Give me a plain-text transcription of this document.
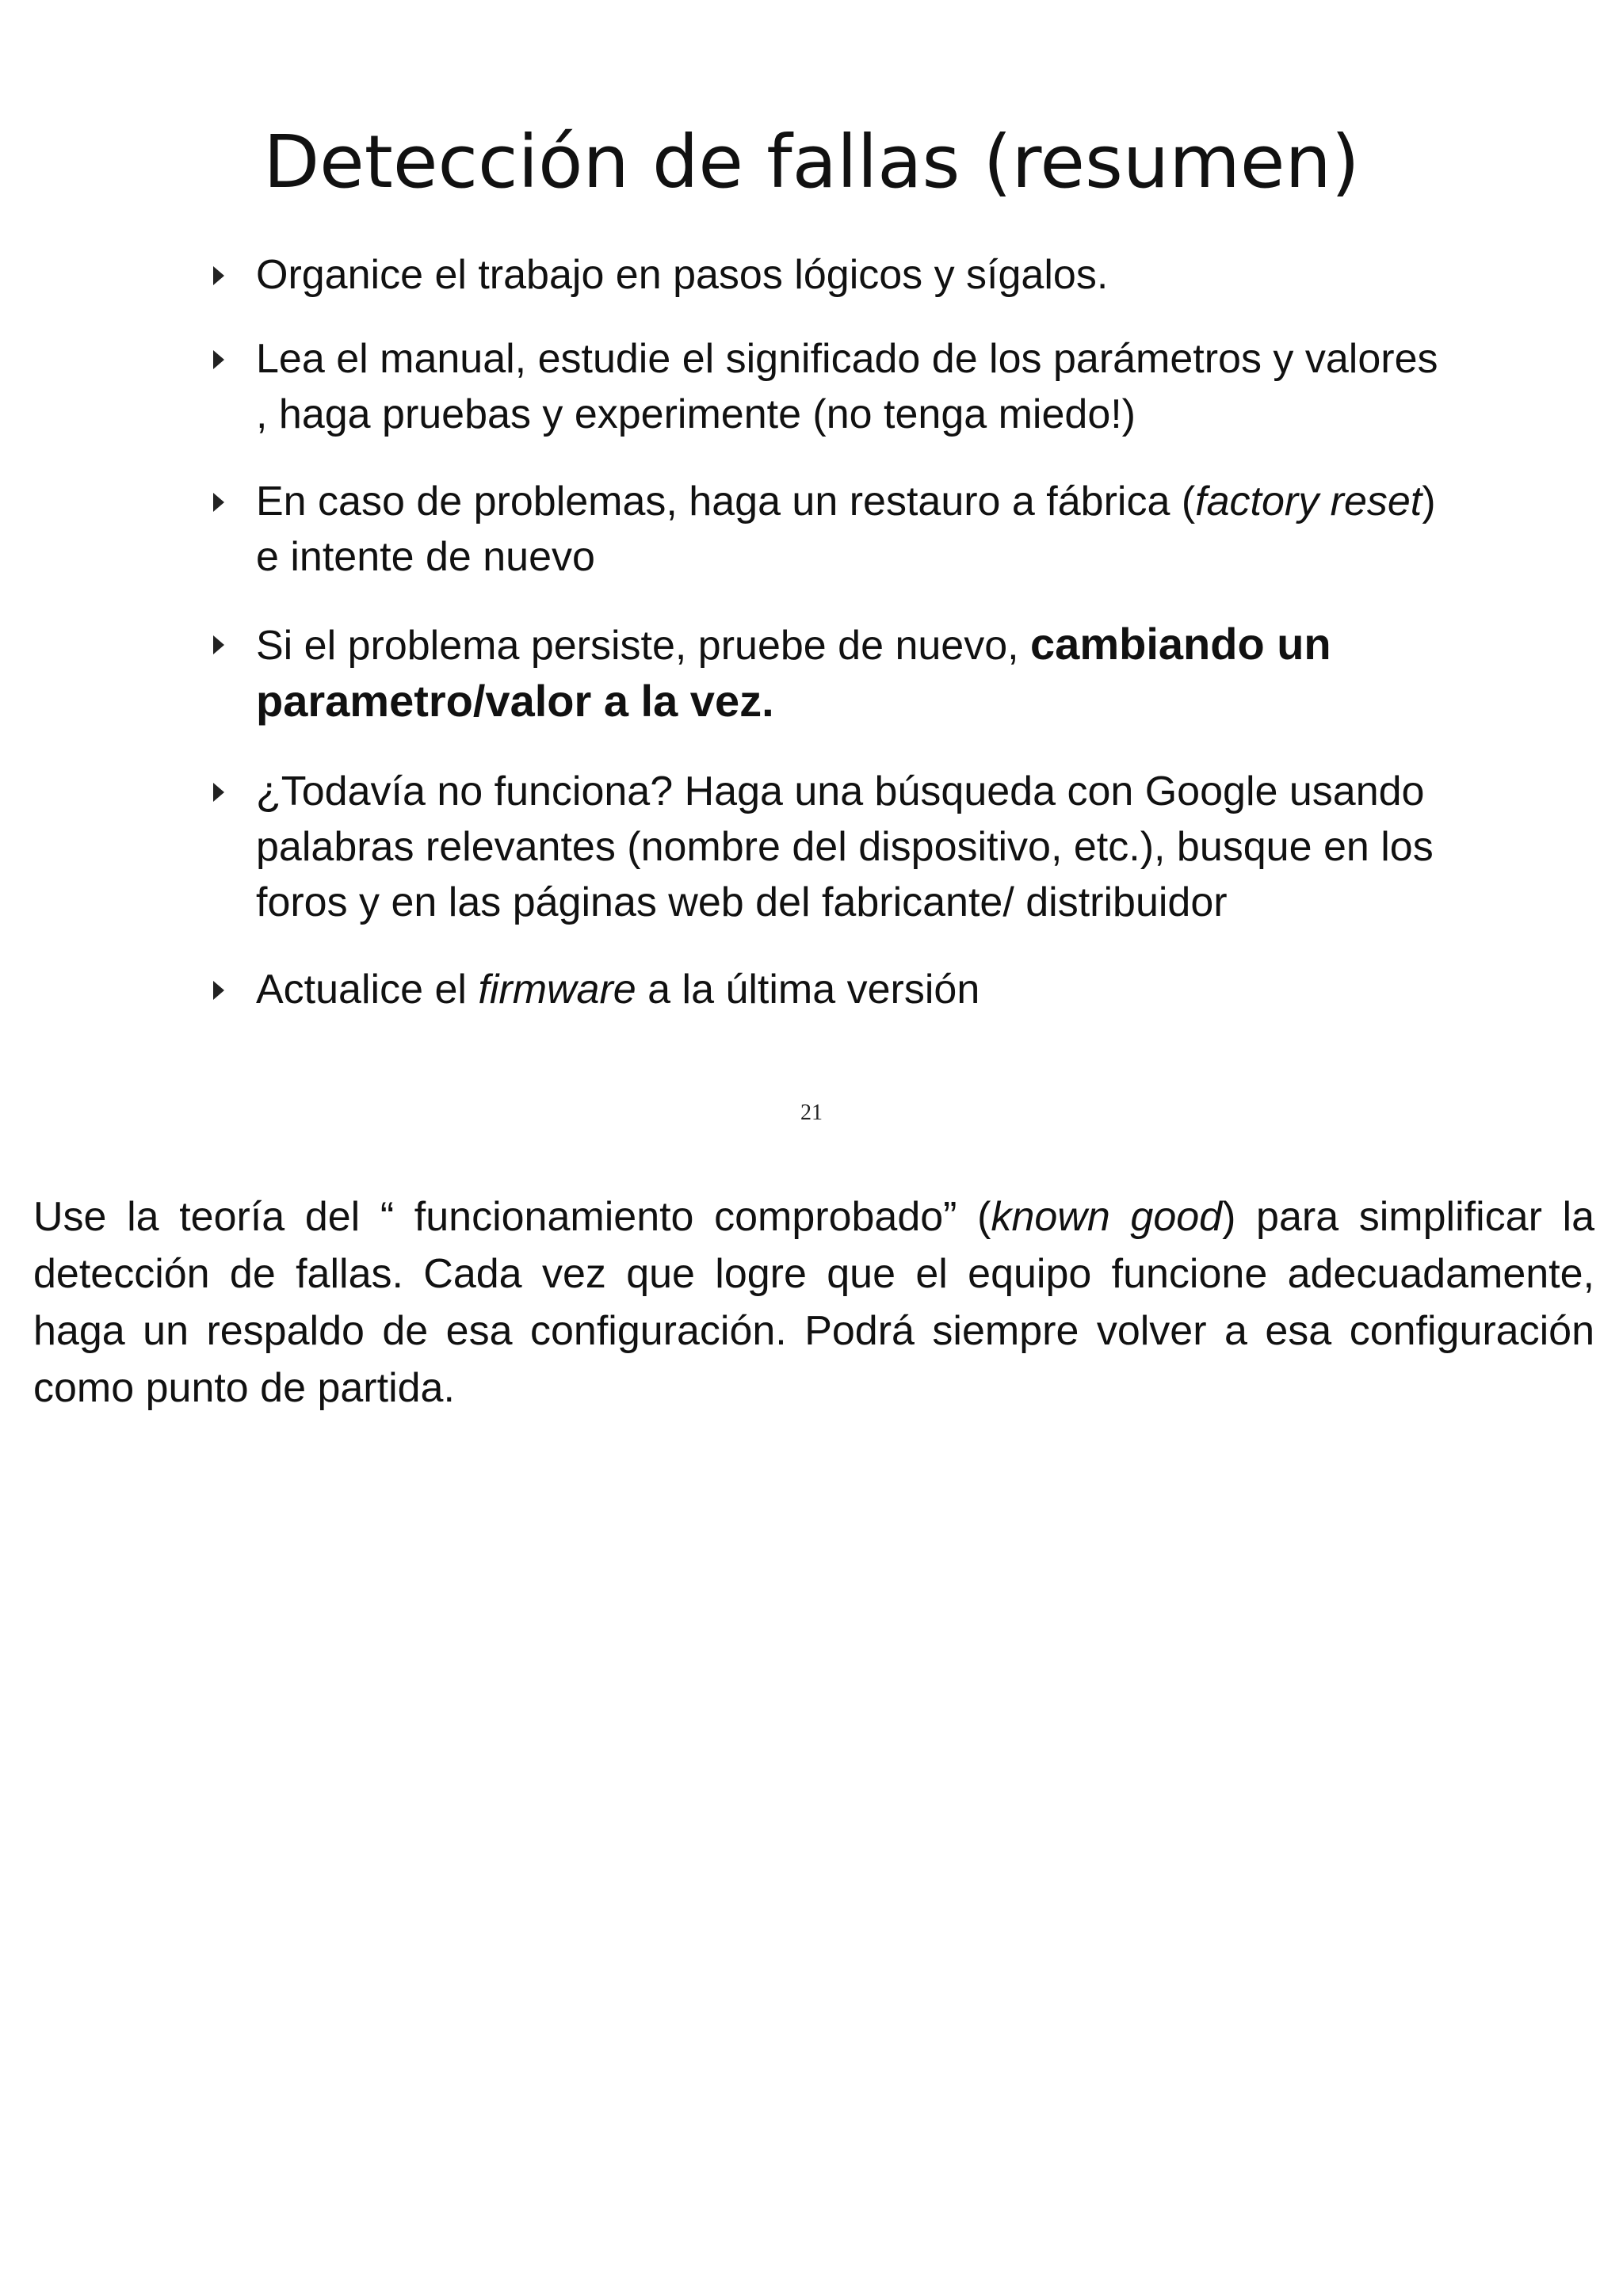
Detección de fallas (resumen)
Organice el trabajo en pasos lógicos y sígalos.
Lea el manual, estudie el significado de los parámetros y valores , haga pruebas y experimente (no tenga miedo!)
En caso de problemas, haga un restauro a fábrica (factory reset) e intente de nuevo
Si el problema persiste, pruebe de nuevo, cambiando un parametro/valor a la vez.
¿Todavía no funciona? Haga una búsqueda con Google usando palabras relevantes (nombre del dispositivo, etc.), busque en los foros y en las páginas web del fabricante/ distribuidor
Actualice el firmware a la última versión
21

Use la teoría del “ funcionamiento comprobado” (known good) para simplificar la detección de fallas. Cada vez que logre que el equipo funcione adecuadamente, haga un respaldo de esa configuración. Podrá siempre volver a esa configuración como punto de partida.
